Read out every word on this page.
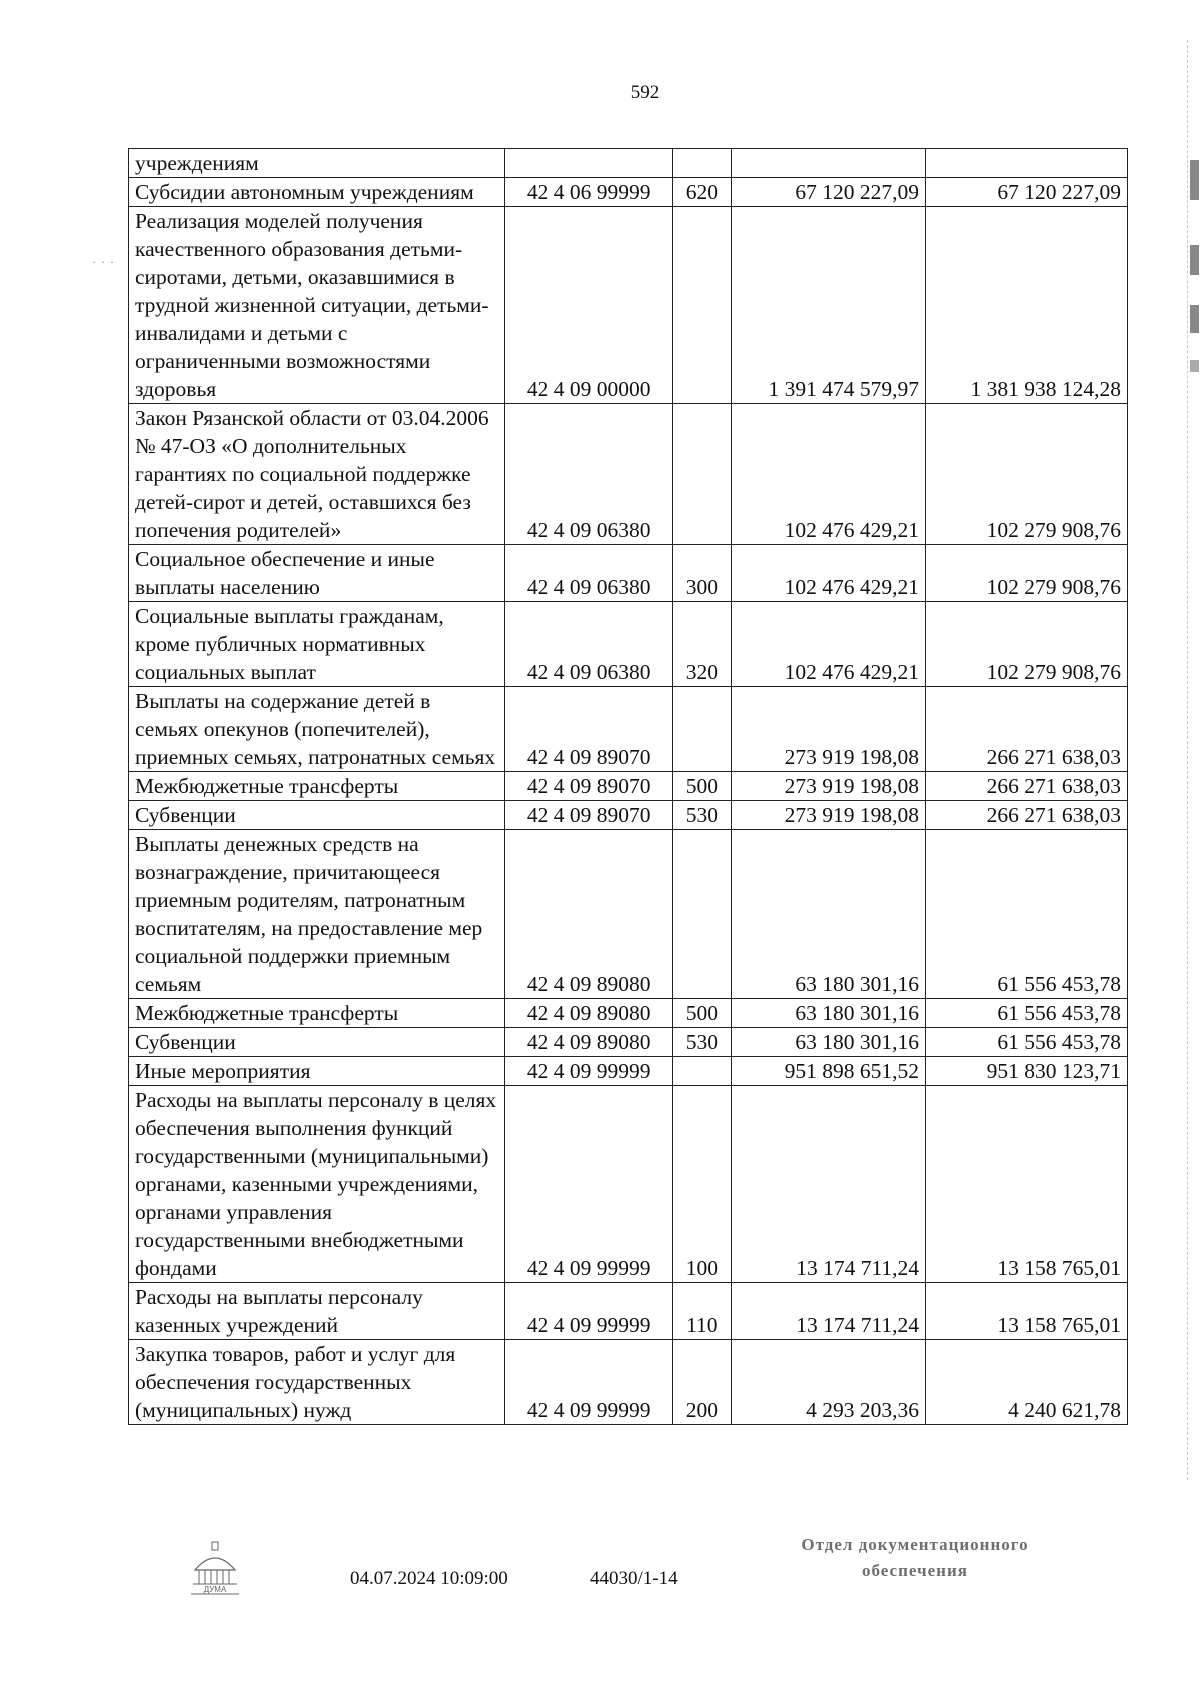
592
· · ·
учреждениям				
Субсидии автономным учреждениям	42 4 06 99999	620	67 120 227,09	67 120 227,09
Реализация моделей получения качественного образования детьми-сиротами, детьми, оказавшимися в трудной жизненной ситуации, детьми-инвалидами и детьми с ограниченными возможностями здоровья	42 4 09 00000		1 391 474 579,97	1 381 938 124,28
Закон Рязанской области от 03.04.2006 № 47-ОЗ «О дополнительных гарантиях по социальной поддержке детей-сирот и детей, оставшихся без попечения родителей»	42 4 09 06380		102 476 429,21	102 279 908,76
Социальное обеспечение и иные выплаты населению	42 4 09 06380	300	102 476 429,21	102 279 908,76
Социальные выплаты гражданам, кроме публичных нормативных социальных выплат	42 4 09 06380	320	102 476 429,21	102 279 908,76
Выплаты на содержание детей в семьях опекунов (попечителей), приемных семьях, патронатных семьях	42 4 09 89070		273 919 198,08	266 271 638,03
Межбюджетные трансферты	42 4 09 89070	500	273 919 198,08	266 271 638,03
Субвенции	42 4 09 89070	530	273 919 198,08	266 271 638,03
Выплаты денежных средств на вознаграждение, причитающееся приемным родителям, патронатным воспитателям, на предоставление мер социальной поддержки приемным семьям	42 4 09 89080		63 180 301,16	61 556 453,78
Межбюджетные трансферты	42 4 09 89080	500	63 180 301,16	61 556 453,78
Субвенции	42 4 09 89080	530	63 180 301,16	61 556 453,78
Иные мероприятия	42 4 09 99999		951 898 651,52	951 830 123,71
Расходы на выплаты персоналу в целях обеспечения выполнения функций государственными (муниципальными) органами, казенными учреждениями, органами управления государственными внебюджетными фондами	42 4 09 99999	100	13 174 711,24	13 158 765,01
Расходы на выплаты персоналу казенных учреждений	42 4 09 99999	110	13 174 711,24	13 158 765,01
Закупка товаров, работ и услуг для обеспечения государственных (муниципальных) нужд	42 4 09 99999	200	4 293 203,36	4 240 621,78
ДУМА
04.07.2024 10:09:00	44030/1-14
Отдел документационного
обеспечения
